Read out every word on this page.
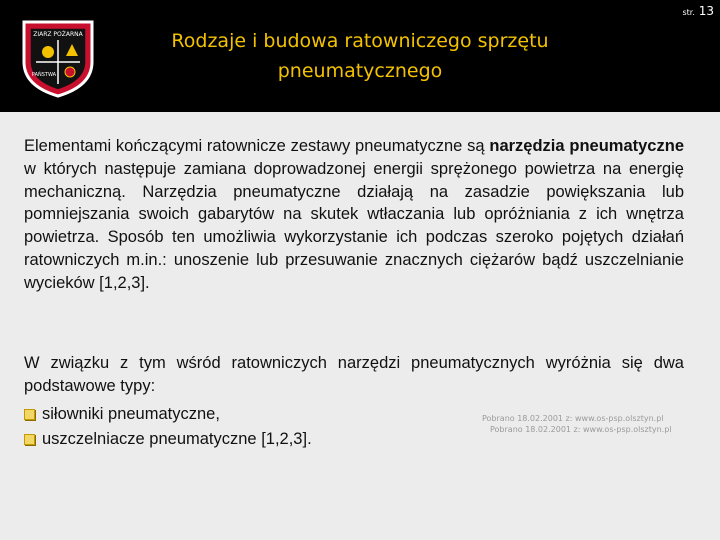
ZIARZ POŻARNA
PAŃSTWA
Rodzaje i budowa ratowniczego sprzętu
pneumatycznego
str. 13
Elementami kończącymi ratownicze zestawy pneumatyczne są narzędzia pneumatyczne w których następuje zamiana doprowadzonej energii sprężonego powietrza na energię mechaniczną. Narzędzia pneumatyczne działają na zasadzie powiększania lub pomniejszania swoich gabarytów na skutek wtłaczania lub opróżniania z ich wnętrza powietrza. Sposób ten umożliwia wykorzystanie ich podczas szeroko pojętych działań ratowniczych m.in.: unoszenie lub przesuwanie znacznych ciężarów bądź uszczelnianie wycieków [1,2,3].
W związku z tym wśród ratowniczych narzędzi pneumatycznych wyróżnia się dwa podstawowe typy:
siłowniki pneumatyczne,
uszczelniacze pneumatyczne [1,2,3].
Pobrano 18.02.2001 z: www.os-psp.olsztyn.pl
Pobrano 18.02.2001 z: www.os-psp.olsztyn.pl
